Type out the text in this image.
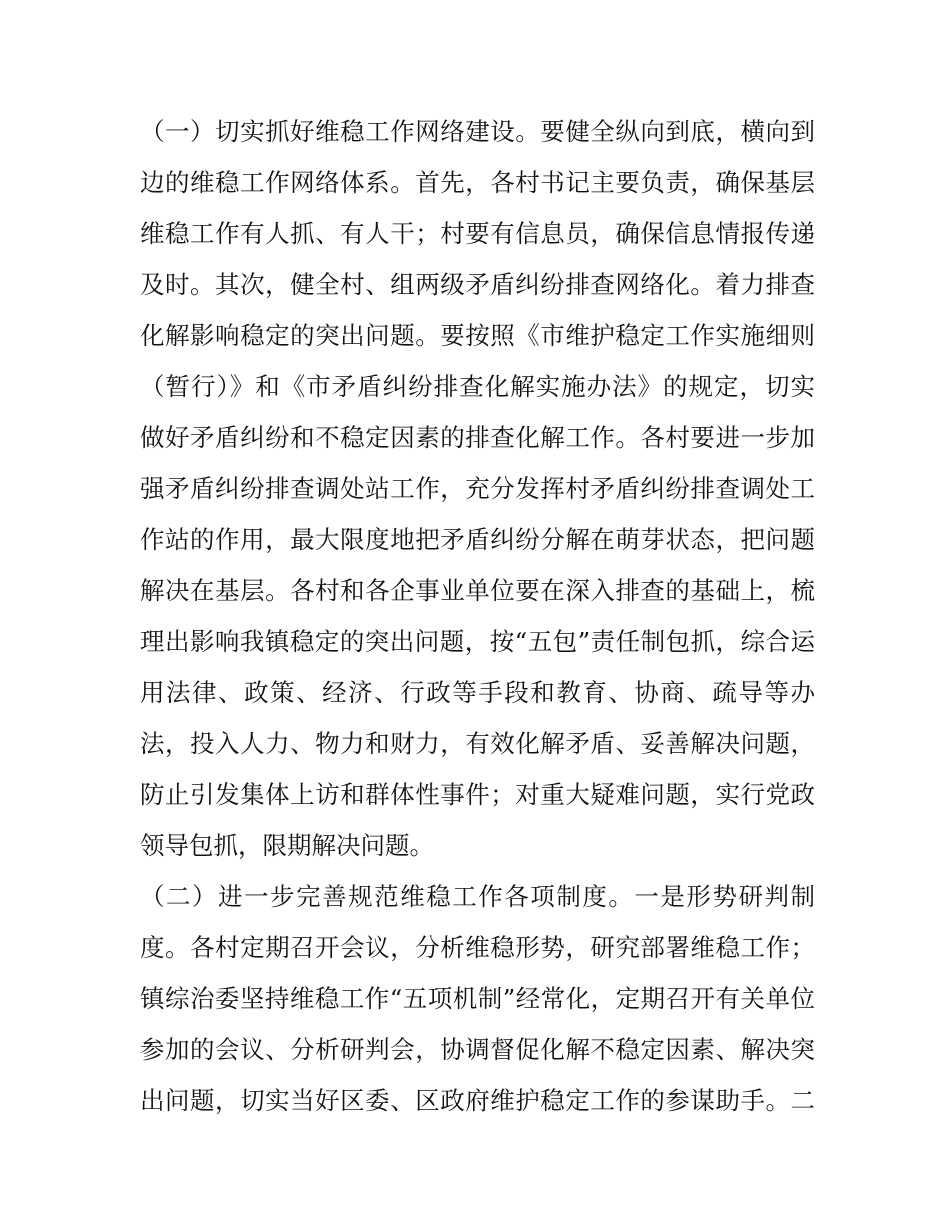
（一）切实抓好维稳工作网络建设。要健全纵向到底，横向到
边的维稳工作网络体系。首先，各村书记主要负责，确保基层
维稳工作有人抓、有人干；村要有信息员，确保信息情报传递
及时。其次，健全村、组两级矛盾纠纷排查网络化。着力排查
化解影响稳定的突出问题。要按照《市维护稳定工作实施细则
（暂行）》和《市矛盾纠纷排查化解实施办法》的规定，切实
做好矛盾纠纷和不稳定因素的排查化解工作。各村要进一步加
强矛盾纠纷排查调处站工作，充分发挥村矛盾纠纷排查调处工
作站的作用，最大限度地把矛盾纠纷分解在萌芽状态，把问题
解决在基层。各村和各企事业单位要在深入排查的基础上，梳
理出影响我镇稳定的突出问题，按“五包”责任制包抓，综合运
用法律、政策、经济、行政等手段和教育、协商、疏导等办
法，投入人力、物力和财力，有效化解矛盾、妥善解决问题，
防止引发集体上访和群体性事件；对重大疑难问题，实行党政
领导包抓，限期解决问题。
（二）进一步完善规范维稳工作各项制度。一是形势研判制
度。各村定期召开会议，分析维稳形势，研究部署维稳工作；
镇综治委坚持维稳工作“五项机制”经常化，定期召开有关单位
参加的会议、分析研判会，协调督促化解不稳定因素、解决突
出问题，切实当好区委、区政府维护稳定工作的参谋助手。二
